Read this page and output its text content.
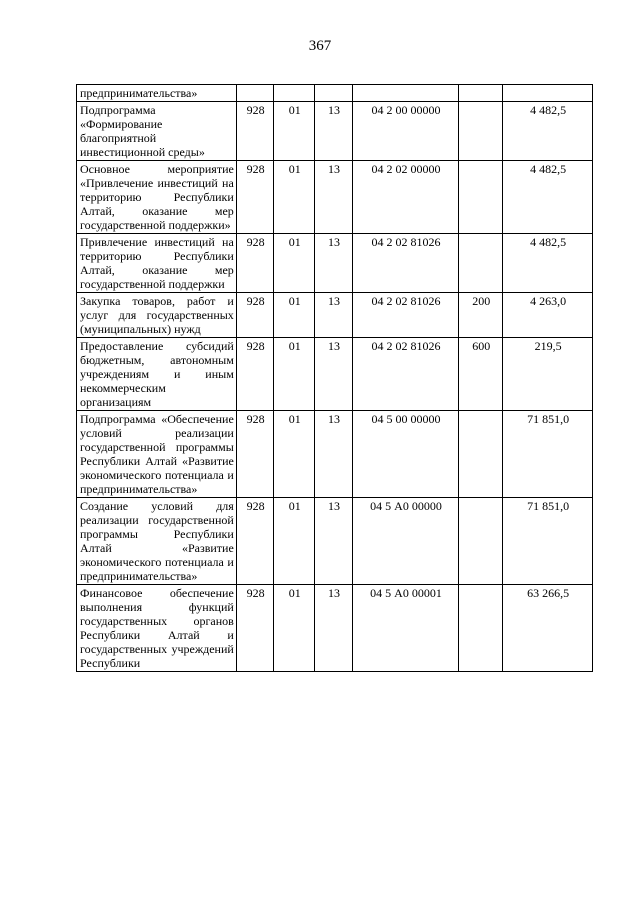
367
предпринимательства»						
Подпрограмма «Формирование благоприятной инвестиционной среды»	928	01	13	04 2 00 00000		4 482,5
Основное мероприятие «Привлечение инвестиций на территорию Республики Алтай, оказание мер государственной поддержки»	928	01	13	04 2 02 00000		4 482,5
Привлечение инвестиций на территорию Республики Алтай, оказание мер государственной поддержки	928	01	13	04 2 02 81026		4 482,5
Закупка товаров, работ и услуг для государственных (муниципальных) нужд	928	01	13	04 2 02 81026	200	4 263,0
Предоставление субсидий бюджетным, автономным учреждениям и иным некоммерческим организациям	928	01	13	04 2 02 81026	600	219,5
Подпрограмма «Обеспечение условий реализации государственной программы Республики Алтай «Развитие экономического потенциала и предпринимательства»	928	01	13	04 5 00 00000		71 851,0
Создание условий для реализации государственной программы Республики Алтай «Развитие экономического потенциала и предпринимательства»	928	01	13	04 5 А0 00000		71 851,0
Финансовое обеспечение выполнения функций государственных органов Республики Алтай и государственных учреждений Республики	928	01	13	04 5 А0 00001		63 266,5
